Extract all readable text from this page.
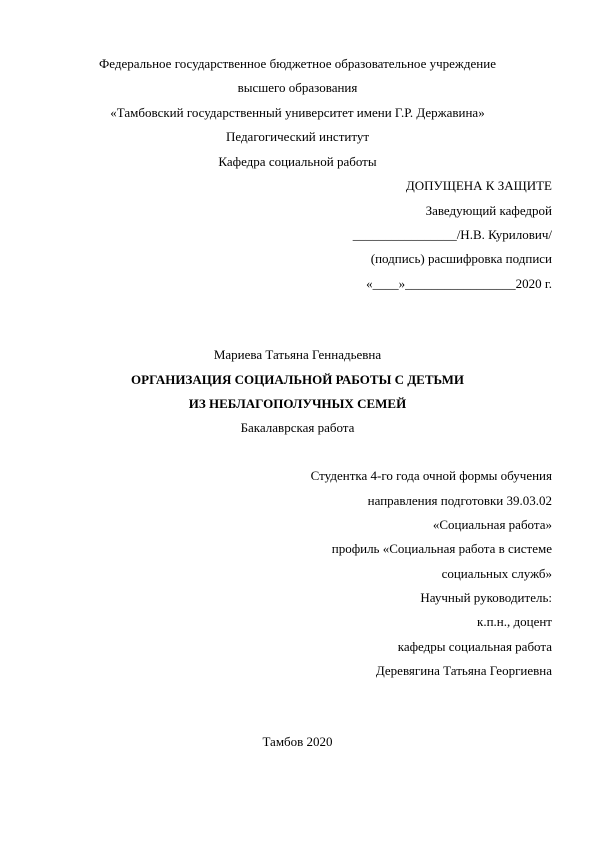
Федеральное государственное бюджетное образовательное учреждение
высшего образования
«Тамбовский государственный университет имени Г.Р. Державина»
Педагогический институт
Кафедра социальной работы
ДОПУЩЕНА К ЗАЩИТЕ
Заведующий кафедрой
________________/Н.В. Курилович/
(подпись) расшифровка подписи
«____»_________________2020 г.
Мариева Татьяна Геннадьевна
ОРГАНИЗАЦИЯ СОЦИАЛЬНОЙ РАБОТЫ С ДЕТЬМИ
ИЗ НЕБЛАГОПОЛУЧНЫХ СЕМЕЙ
Бакалаврская работа
Студентка 4-го года очной формы обучения
направления подготовки 39.03.02
«Социальная работа»
профиль «Социальная работа в системе
социальных служб»
Научный руководитель:
к.п.н., доцент
кафедры социальная работа
Деревягина Татьяна Георгиевна
Тамбов 2020
